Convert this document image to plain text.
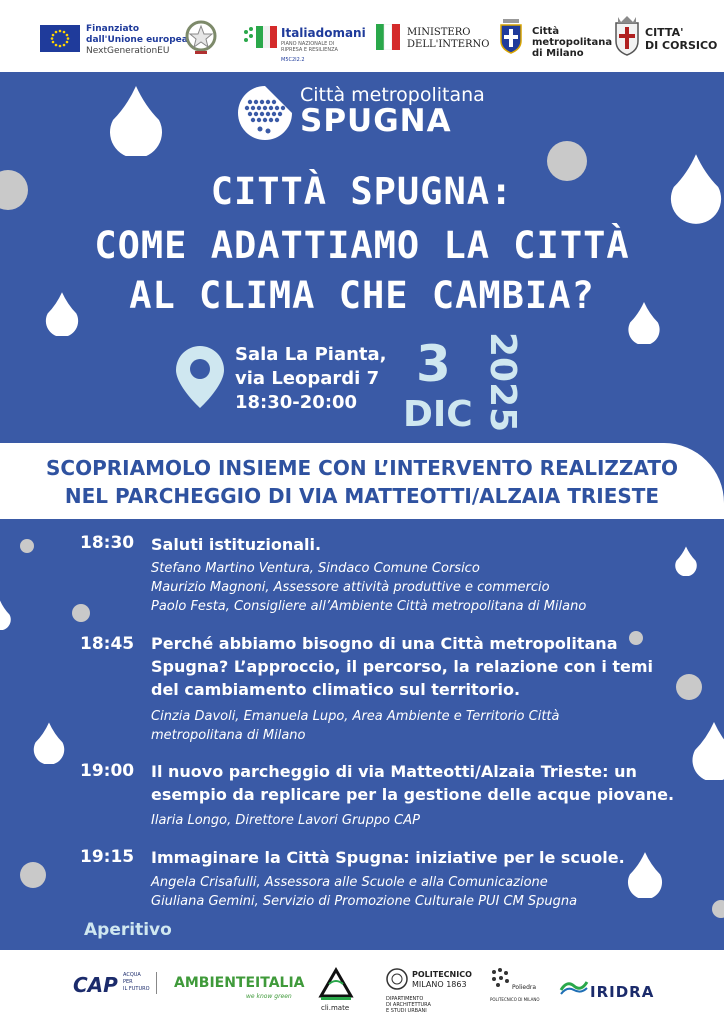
Finanziato
dall'Unione europea
NextGenerationEU
Italiadomani
PIANO NAZIONALE DI RIPRESA E RESILIENZA
M5C2I2.2
MINISTERO
DELL'INTERNO
Città
metropolitana
di Milano
CITTA'
DI CORSICO
Città metropolitana
SPUGNA
CITTÀ SPUGNA:
COME ADATTIAMO LA CITTÀ
AL CLIMA CHE CAMBIA?
Sala La Pianta,
via Leopardi 7
18:30-20:00
3
DIC 2025
SCOPRIAMOLO INSIEME CON L’INTERVENTO REALIZZATO
NEL PARCHEGGIO DI VIA MATTEOTTI/ALZAIA TRIESTE
18:30 Saluti istituzionali.
Stefano Martino Ventura, Sindaco Comune Corsico
Maurizio Magnoni, Assessore attività produttive e commercio
Paolo Festa, Consigliere all’Ambiente Città metropolitana di Milano
18:45 Perché abbiamo bisogno di una Città metropolitana
Spugna? L’approccio, il percorso, la relazione con i temi
del cambiamento climatico sul territorio.
Cinzia Davoli, Emanuela Lupo, Area Ambiente e Territorio Città
metropolitana di Milano
19:00 Il nuovo parcheggio di via Matteotti/Alzaia Trieste: un
esempio da replicare per la gestione delle acque piovane.
Ilaria Longo, Direttore Lavori Gruppo CAP
19:15 Immaginare la Città Spugna: iniziative per le scuole.
Angela Crisafulli, Assessora alle Scuole e alla Comunicazione
Giuliana Gemini, Servizio di Promozione Culturale PUI CM Spugna
Aperitivo
CAP ACQUA
PER
IL FUTURO AMBIENTEITALIA
we know green
cli.mate
POLITECNICO
MILANO 1863
DIPARTIMENTO
DI ARCHITETTURA
E STUDI URBANI
Poliedra
POLITECNICO DI MILANO	IRIDRA
